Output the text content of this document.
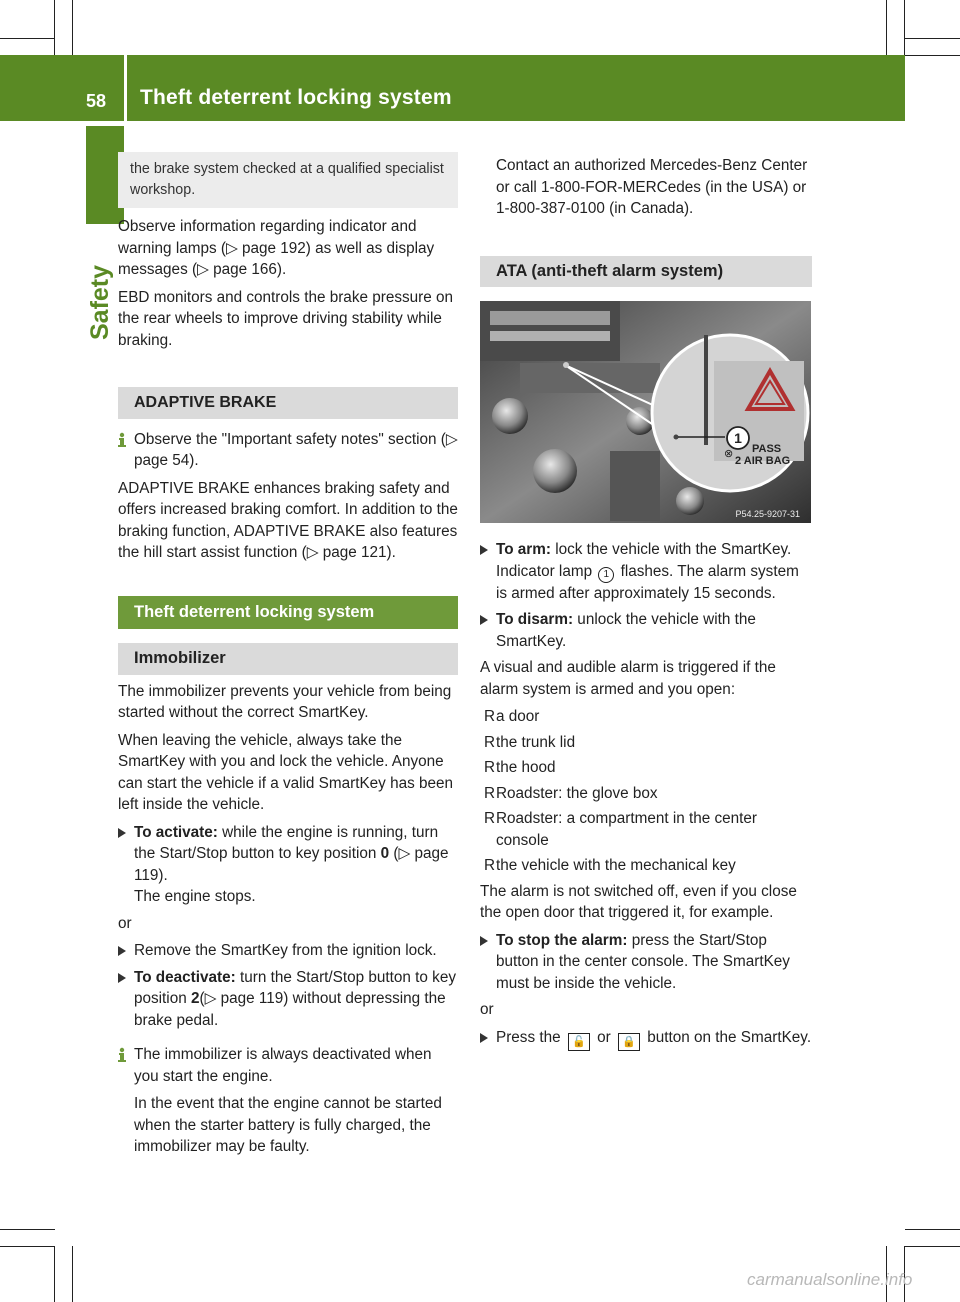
58 Theft deterrent locking system
Safety
the brake system checked at a qualified specialist workshop.

Observe information regarding indicator and warning lamps (▷ page 192) as well as display messages (▷ page 166).

EBD monitors and controls the brake pressure on the rear wheels to improve driving stability while braking.

ADAPTIVE BRAKE
Observe the "Important safety notes" section (▷ page 54).

ADAPTIVE BRAKE enhances braking safety and offers increased braking comfort. In addition to the braking function, ADAPTIVE BRAKE also features the hill start assist function (▷ page 121).

Theft deterrent locking system
Immobilizer

The immobilizer prevents your vehicle from being started without the correct SmartKey.

When leaving the vehicle, always take the SmartKey with you and lock the vehicle. Anyone can start the vehicle if a valid SmartKey has been left inside the vehicle.

To activate: while the engine is running, turn the Start/Stop button to key position 0 (▷ page 119).
The engine stops.

or

Remove the SmartKey from the ignition lock.
To deactivate: turn the Start/Stop button to key position 2(▷ page 119) without depressing the brake pedal.

The immobilizer is always deactivated when you start the engine.

In the event that the engine cannot be started when the starter battery is fully charged, the immobilizer may be faulty.

Contact an authorized Mercedes-Benz Center or call 1-800-FOR-MERCedes (in the USA) or 1-800-387-0100 (in Canada).

ATA (anti-theft alarm system)
1
PASS
2 AIR BAG
⊗
P54.25-9207-31
To arm: lock the vehicle with the SmartKey.
Indicator lamp 1 flashes. The alarm system is armed after approximately 15 seconds.
To disarm: unlock the vehicle with the SmartKey.

A visual and audible alarm is triggered if the alarm system is armed and you open:

R a door
R the trunk lid
R the hood
R Roadster: the glove box
R Roadster: a compartment in the center console
R the vehicle with the mechanical key

The alarm is not switched off, even if you close the open door that triggered it, for example.

To stop the alarm: press the Start/Stop button in the center console. The SmartKey must be inside the vehicle.

or

Press the 🔓 or 🔒 button on the SmartKey.
carmanualsonline.info
